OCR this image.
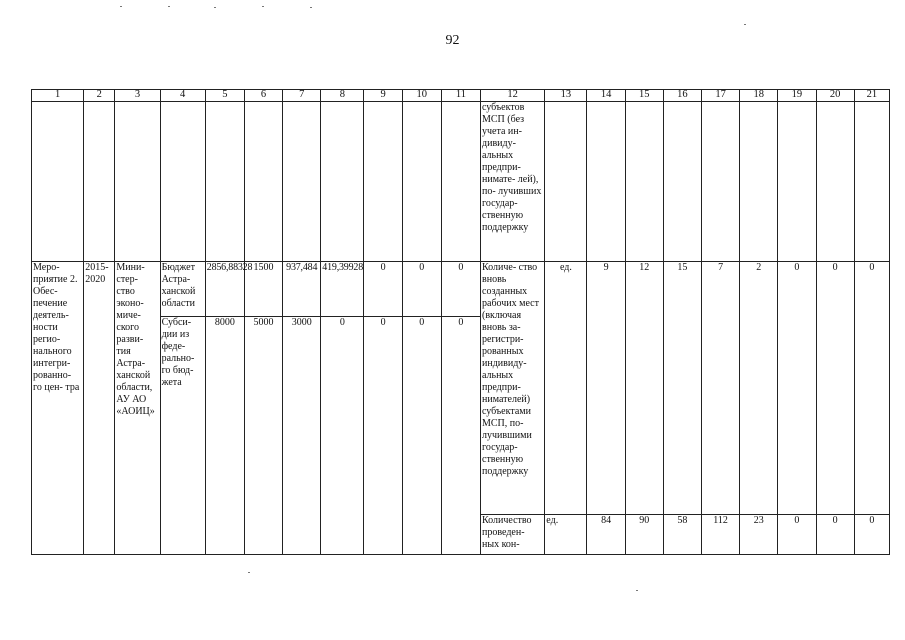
92
1	2	3	4	5	6	7	8	9	10	11	12	13	14	15	16	17	18	19	20	21
											субъектов МСП (без учета ин- дивиду- альных предпри- нимате- лей), по- лучивших государ- ственную поддержку									
Меро- приятие 2. Обес- печение деятель- ности регио- нального интегри- рованно- го цен- тра	2015- 2020	Мини- стер- ство эконо- миче- ского разви- тия Астра- ханской области, АУ АО «АОИЦ»	Бюджет Астра- ханской области	2856,88328	1500	937,484	419,39928	0	0	0	Количе- ство вновь созданных рабочих мест (включая вновь за- регистри- рованных индивиду- альных предпри- нимателей) субъектами МСП, по- лучившими государ- ственную поддержку	ед.	9	12	15	7	2	0	0	0
			Субси- дии из феде- рально- го бюд- жета	8000	5000	3000	0	0	0	0										
											Количество проведен- ных кон-	ед.	84	90	58	112	23	0	0	0
